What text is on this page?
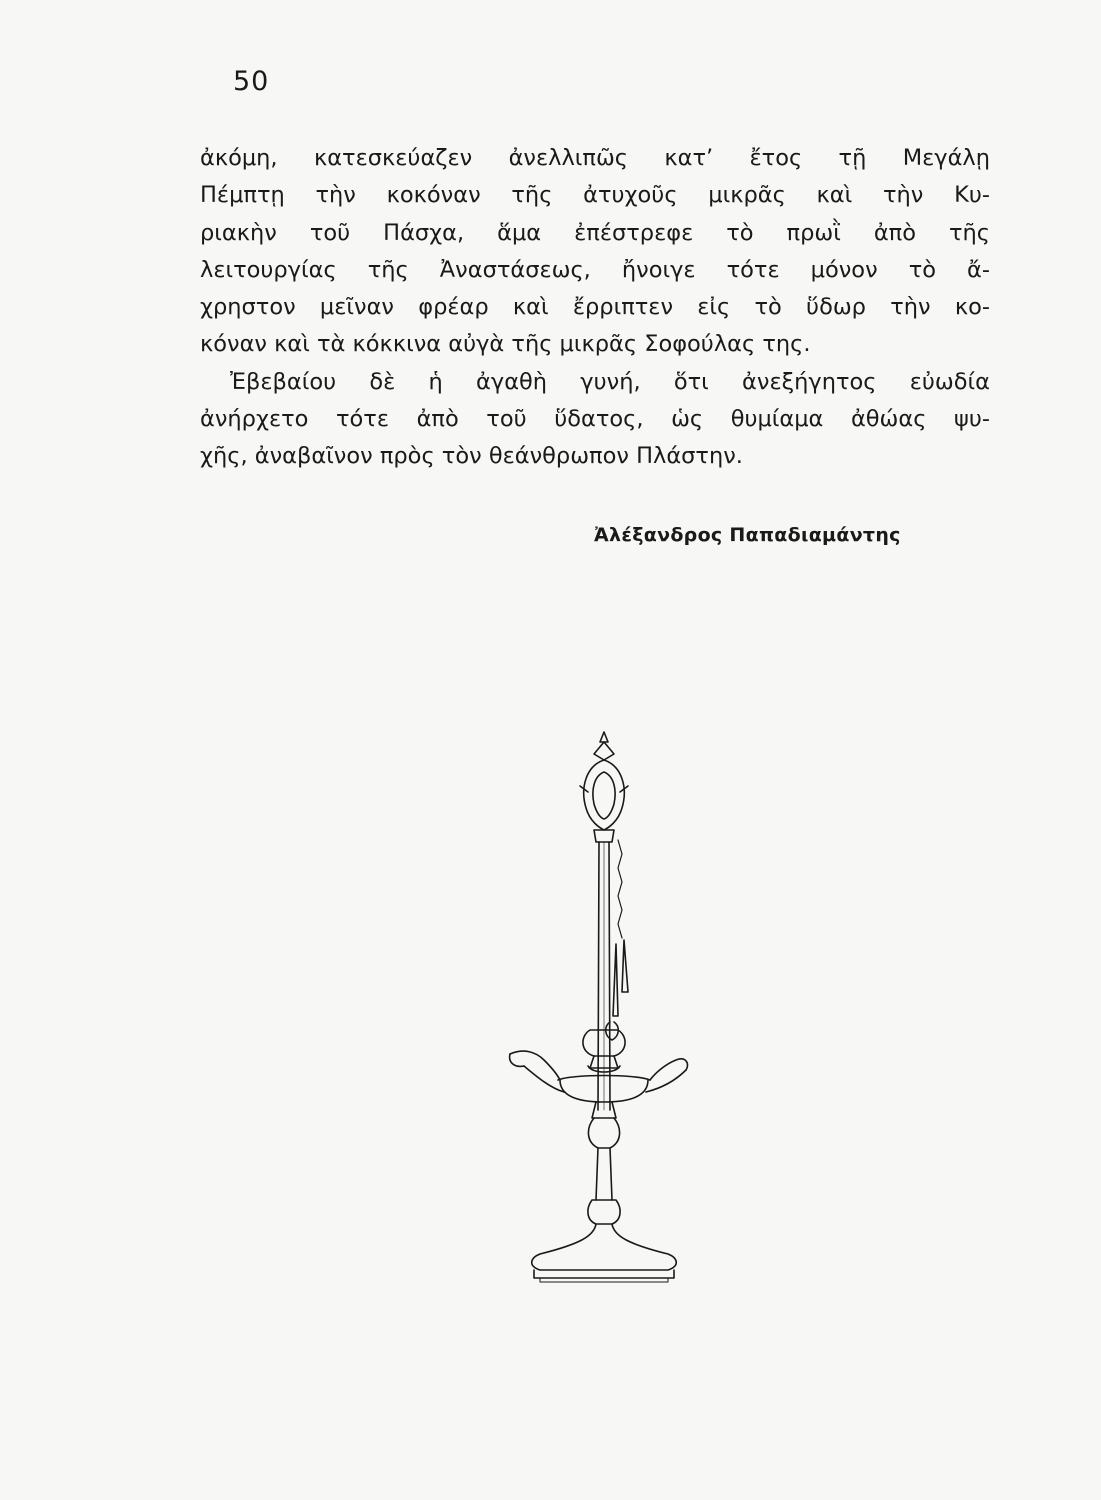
50
ἀκόμη, κατεσκεύαζεν ἀνελλιπῶς κατ’ ἔτος τῇ Μεγάλῃ
Πέμπτῃ τὴν κοκόναν τῆς ἀτυχοῦς μικρᾶς καὶ τὴν Κυ-
ριακὴν τοῦ Πάσχα, ἅμα ἐπέστρεφε τὸ πρωῒ ἀπὸ τῆς
λειτουργίας τῆς Ἀναστάσεως, ἤνοιγε τότε μόνον τὸ ἄ-
χρηστον μεῖναν φρέαρ καὶ ἔρριπτεν εἰς τὸ ὕδωρ τὴν κο-
κόναν καὶ τὰ κόκκινα αὐγὰ τῆς μικρᾶς Σοφούλας της.
Ἐβεβαίου δὲ ἡ ἀγαθὴ γυνή, ὅτι ἀνεξήγητος εὐωδία
ἀνήρχετο τότε ἀπὸ τοῦ ὕδατος, ὡς θυμίαμα ἀθώας ψυ-
χῆς, ἀναβαῖνον πρὸς τὸν θεάνθρωπον Πλάστην.
Ἀλέξανδρος Παπαδιαμάντης
